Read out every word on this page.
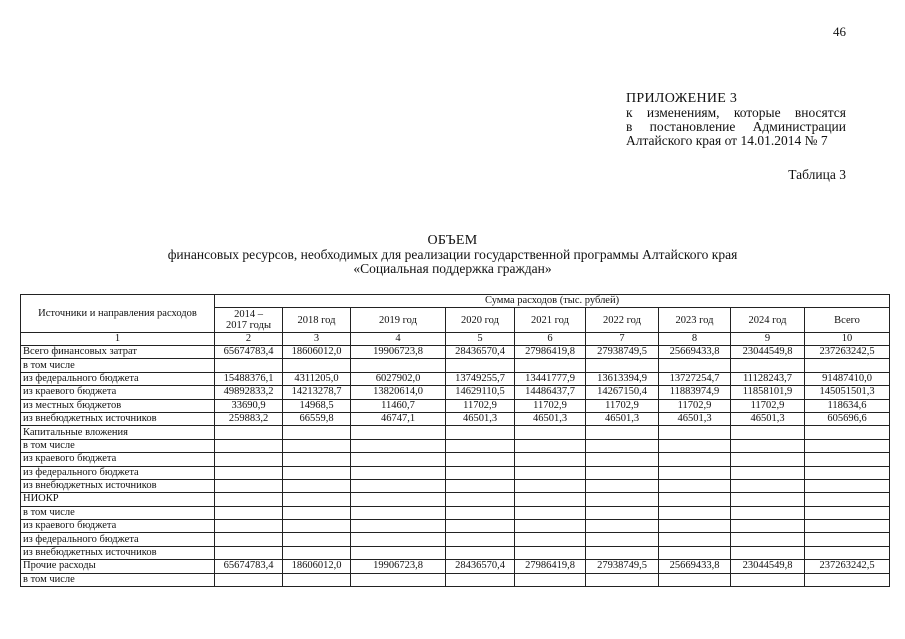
46
ПРИЛОЖЕНИЕ 3
к изменениям, которые вносятся
в постановление Администрации
Алтайского края от 14.01.2014 № 7
Таблица 3
ОБЪЕМ
финансовых ресурсов, необходимых для реализации государственной программы Алтайского края
«Социальная поддержка граждан»
Источники и направления расходов	Сумма расходов (тыс. рублей)								

	2014 –
2017 годы	2018 год	2019 год	2020 год	2021 год	2022 год	2023 год	2024 год	Всего
1	2	3	4	5	6	7	8	9	10
Всего финансовых затрат	65674783,4	18606012,0	19906723,8	28436570,4	27986419,8	27938749,5	25669433,8	23044549,8	237263242,5
в том числе									
из федерального бюджета	15488376,1	4311205,0	6027902,0	13749255,7	13441777,9	13613394,9	13727254,7	11128243,7	91487410,0
из краевого бюджета	49892833,2	14213278,7	13820614,0	14629110,5	14486437,7	14267150,4	11883974,9	11858101,9	145051501,3
из местных бюджетов	33690,9	14968,5	11460,7	11702,9	11702,9	11702,9	11702,9	11702,9	118634,6
из внебюджетных источников	259883,2	66559,8	46747,1	46501,3	46501,3	46501,3	46501,3	46501,3	605696,6
Капитальные вложения									
в том числе									
из краевого бюджета									
из федерального бюджета									
из внебюджетных источников									
НИОКР									
в том числе									
из краевого бюджета									
из федерального бюджета									
из внебюджетных источников									
Прочие расходы	65674783,4	18606012,0	19906723,8	28436570,4	27986419,8	27938749,5	25669433,8	23044549,8	237263242,5
в том числе									
